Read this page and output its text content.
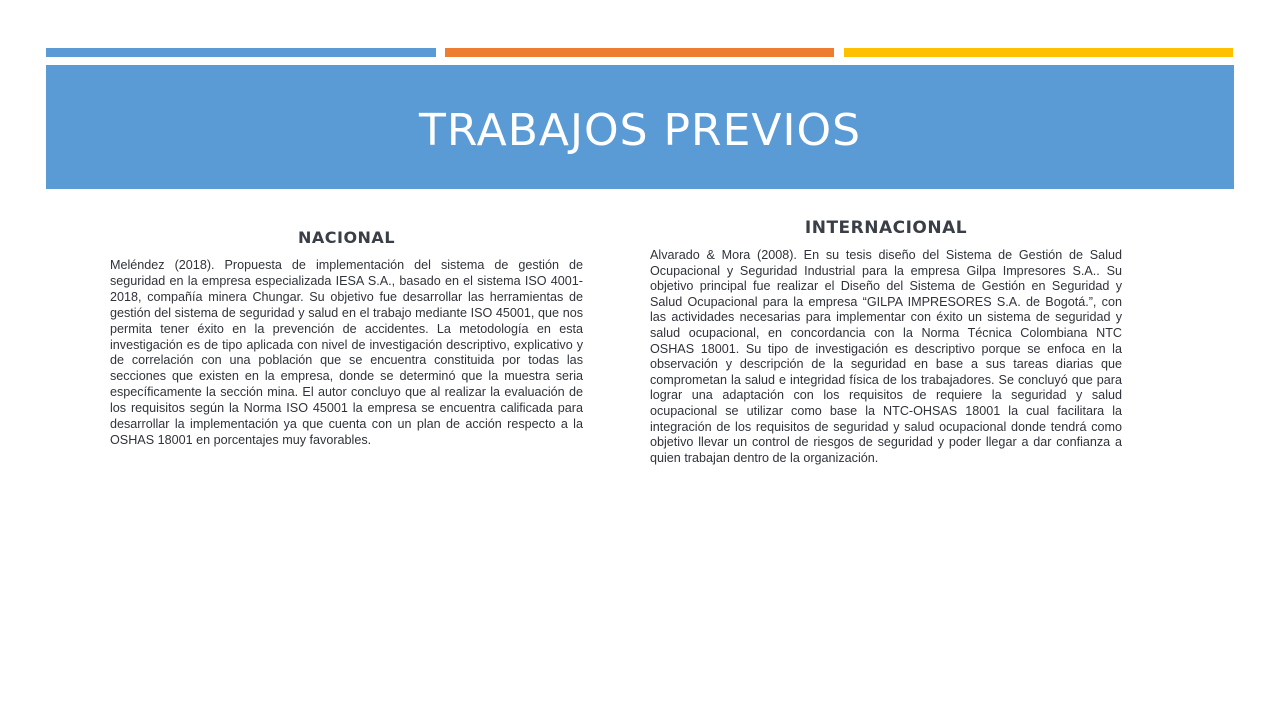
TRABAJOS PREVIOS
NACIONAL

Meléndez (2018). Propuesta de implementación del sistema de gestión de seguridad en la empresa especializada IESA S.A., basado en el sistema ISO 4001-2018, compañía minera Chungar. Su objetivo fue desarrollar las herramientas de gestión del sistema de seguridad y salud en el trabajo mediante ISO 45001, que nos permita tener éxito en la prevención de accidentes. La metodología en esta investigación es de tipo aplicada con nivel de investigación descriptivo, explicativo y de correlación con una población que se encuentra constituida por todas las secciones que existen en la empresa, donde se determinó que la muestra seria específicamente la sección mina. El autor concluyo que al realizar la evaluación de los requisitos según la Norma ISO 45001 la empresa se encuentra calificada para desarrollar la implementación ya que cuenta con un plan de acción respecto a la OSHAS 18001 en porcentajes muy favorables.

INTERNACIONAL

Alvarado & Mora (2008). En su tesis diseño del Sistema de Gestión de Salud Ocupacional y Seguridad Industrial para la empresa Gilpa Impresores S.A.. Su objetivo principal fue realizar el Diseño del Sistema de Gestión en Seguridad y Salud Ocupacional para la empresa “GILPA IMPRESORES S.A. de Bogotá.”, con las actividades necesarias para implementar con éxito un sistema de seguridad y salud ocupacional, en concordancia con la Norma Técnica Colombiana NTC OSHAS 18001. Su tipo de investigación es descriptivo porque se enfoca en la observación y descripción de la seguridad en base a sus tareas diarias que comprometan la salud e integridad física de los trabajadores. Se concluyó que para lograr una adaptación con los requisitos de requiere la seguridad y salud ocupacional se utilizar como base la NTC-OHSAS 18001 la cual facilitara la integración de los requisitos de seguridad y salud ocupacional donde tendrá como objetivo llevar un control de riesgos de seguridad y poder llegar a dar confianza a quien trabajan dentro de la organización.
